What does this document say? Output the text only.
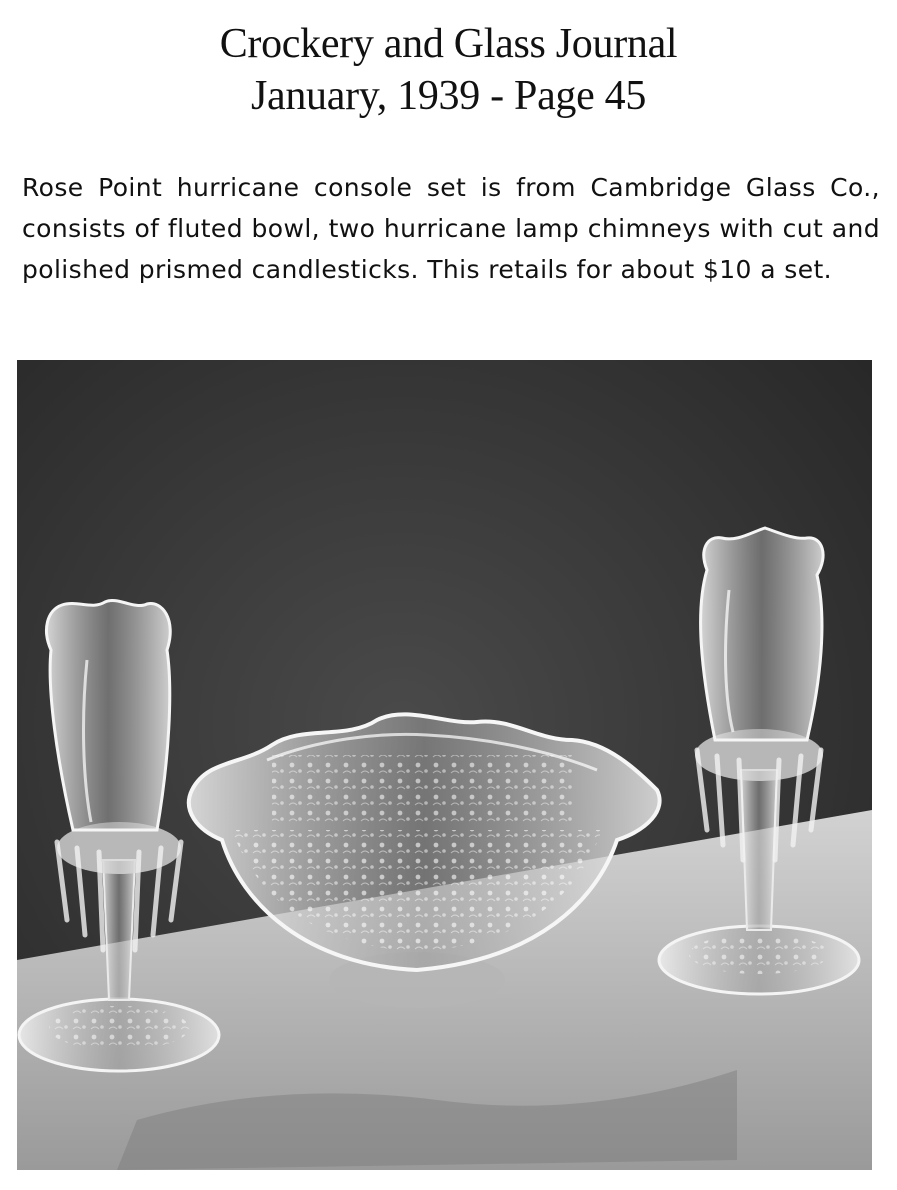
Crockery and Glass Journal
January, 1939 - Page 45

Rose Point hurricane console set is from Cambridge Glass Co., consists of fluted bowl, two hurricane lamp chimneys with cut and polished prismed candlesticks. This retails for about $10 a set.
